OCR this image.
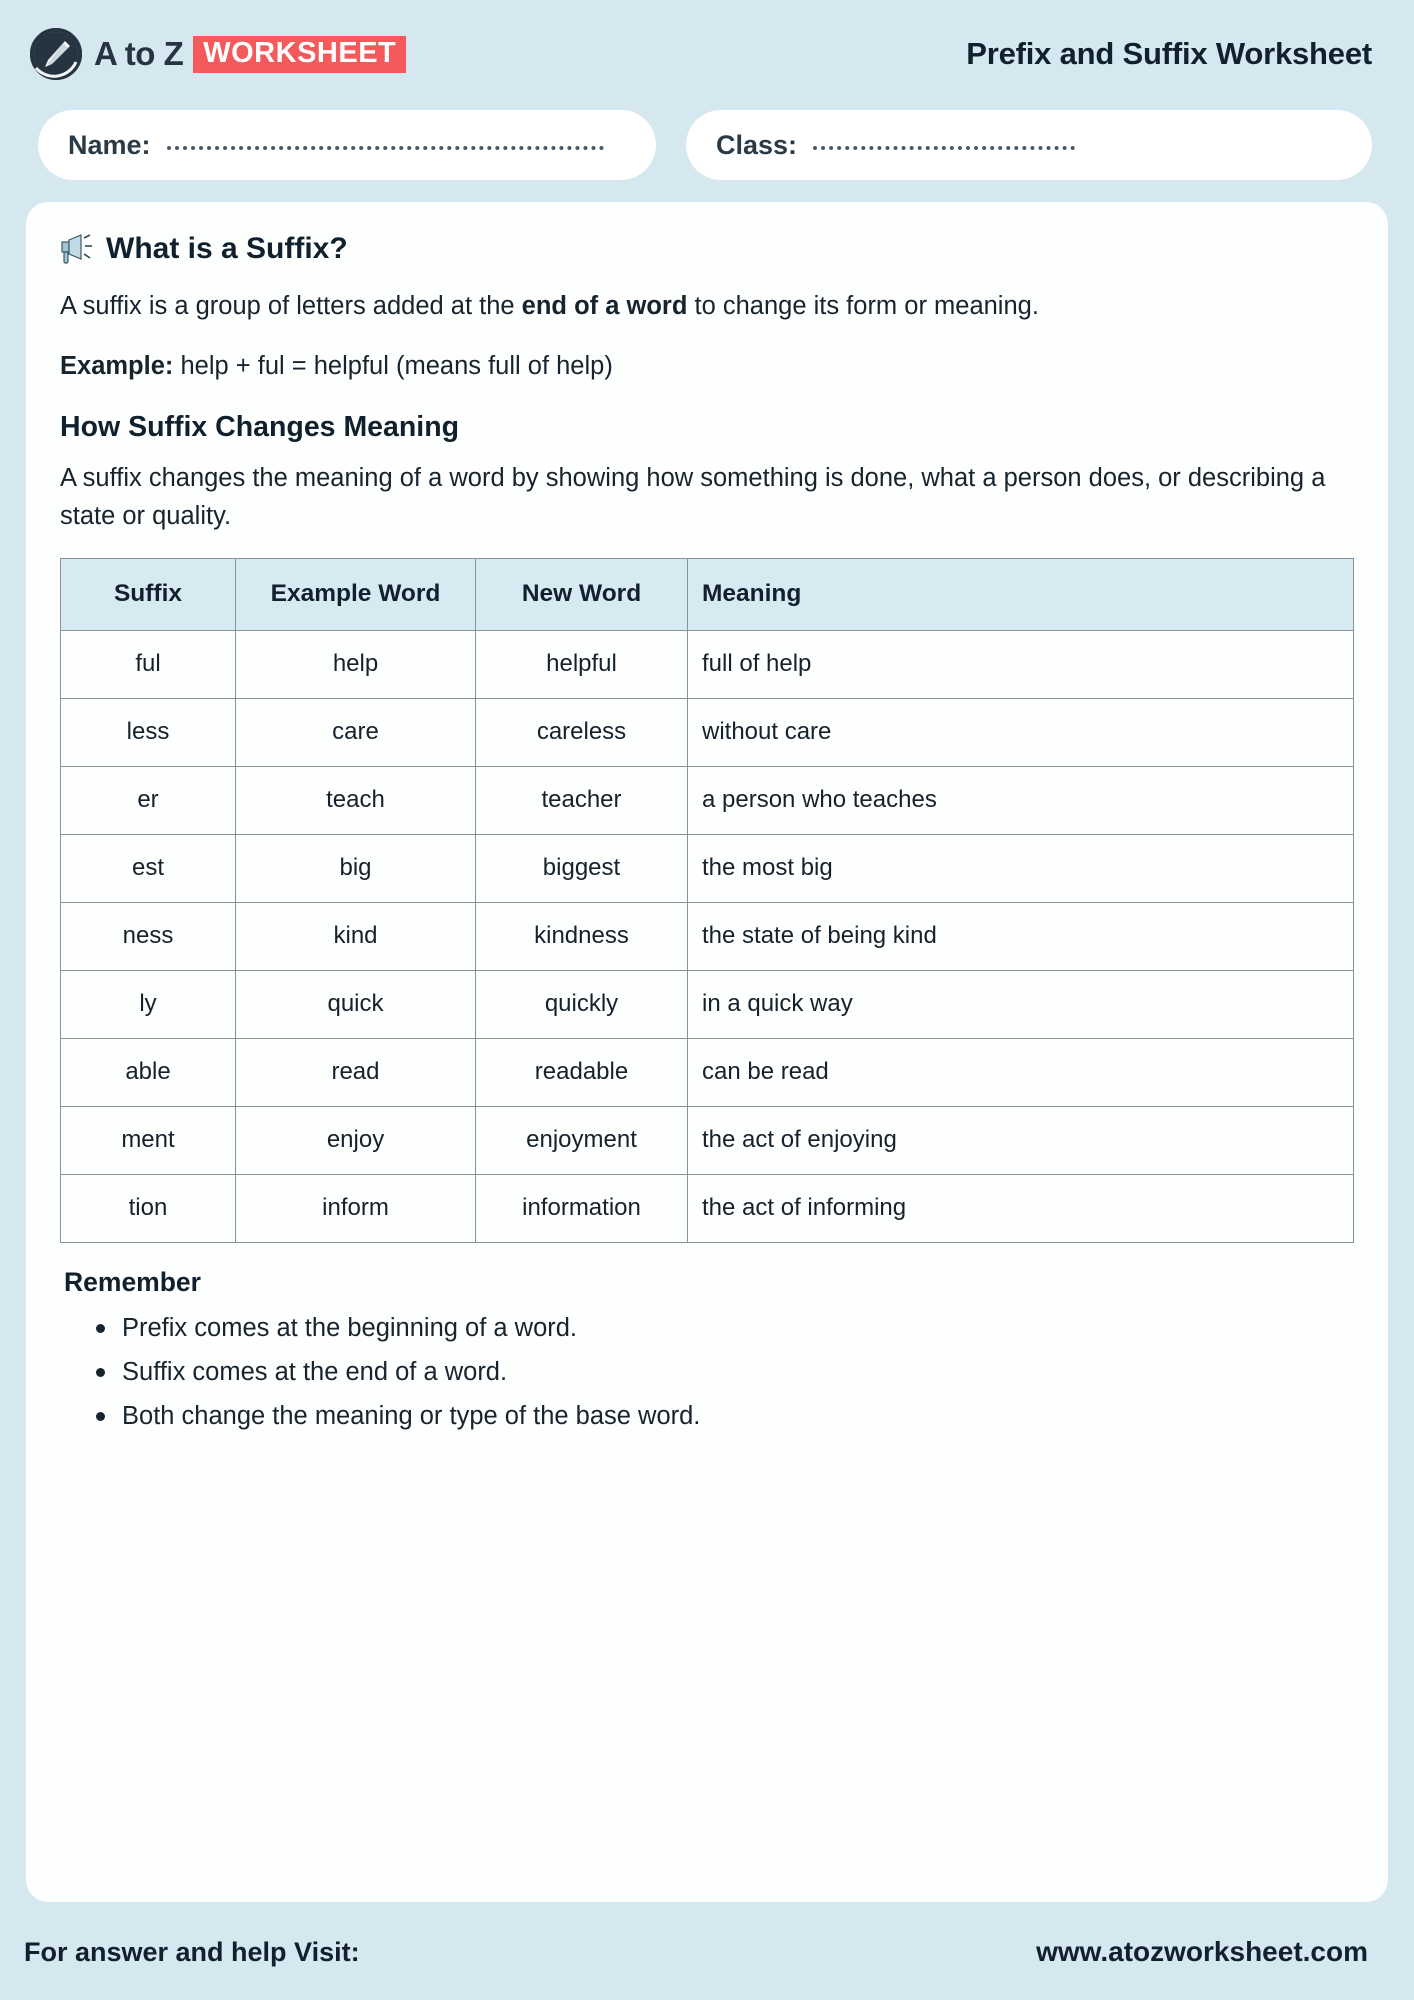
A to Z WORKSHEET	Prefix and Suffix Worksheet
Name:	Class:
What is a Suffix?

A suffix is a group of letters added at the end of a word to change its form or meaning.

Example: help + ful = helpful (means full of help)

How Suffix Changes Meaning

A suffix changes the meaning of a word by showing how something is done, what a person does, or describing a state or quality.

Suffix	Example Word	New Word	Meaning
ful	help	helpful	full of help
less	care	careless	without care
er	teach	teacher	a person who teaches
est	big	biggest	the most big
ness	kind	kindness	the state of being kind
ly	quick	quickly	in a quick way
able	read	readable	can be read
ment	enjoy	enjoyment	the act of enjoying
tion	inform	information	the act of informing
Remember
Prefix comes at the beginning of a word.
Suffix comes at the end of a word.
Both change the meaning or type of the base word.
For answer and help Visit:	www.atozworksheet.com
